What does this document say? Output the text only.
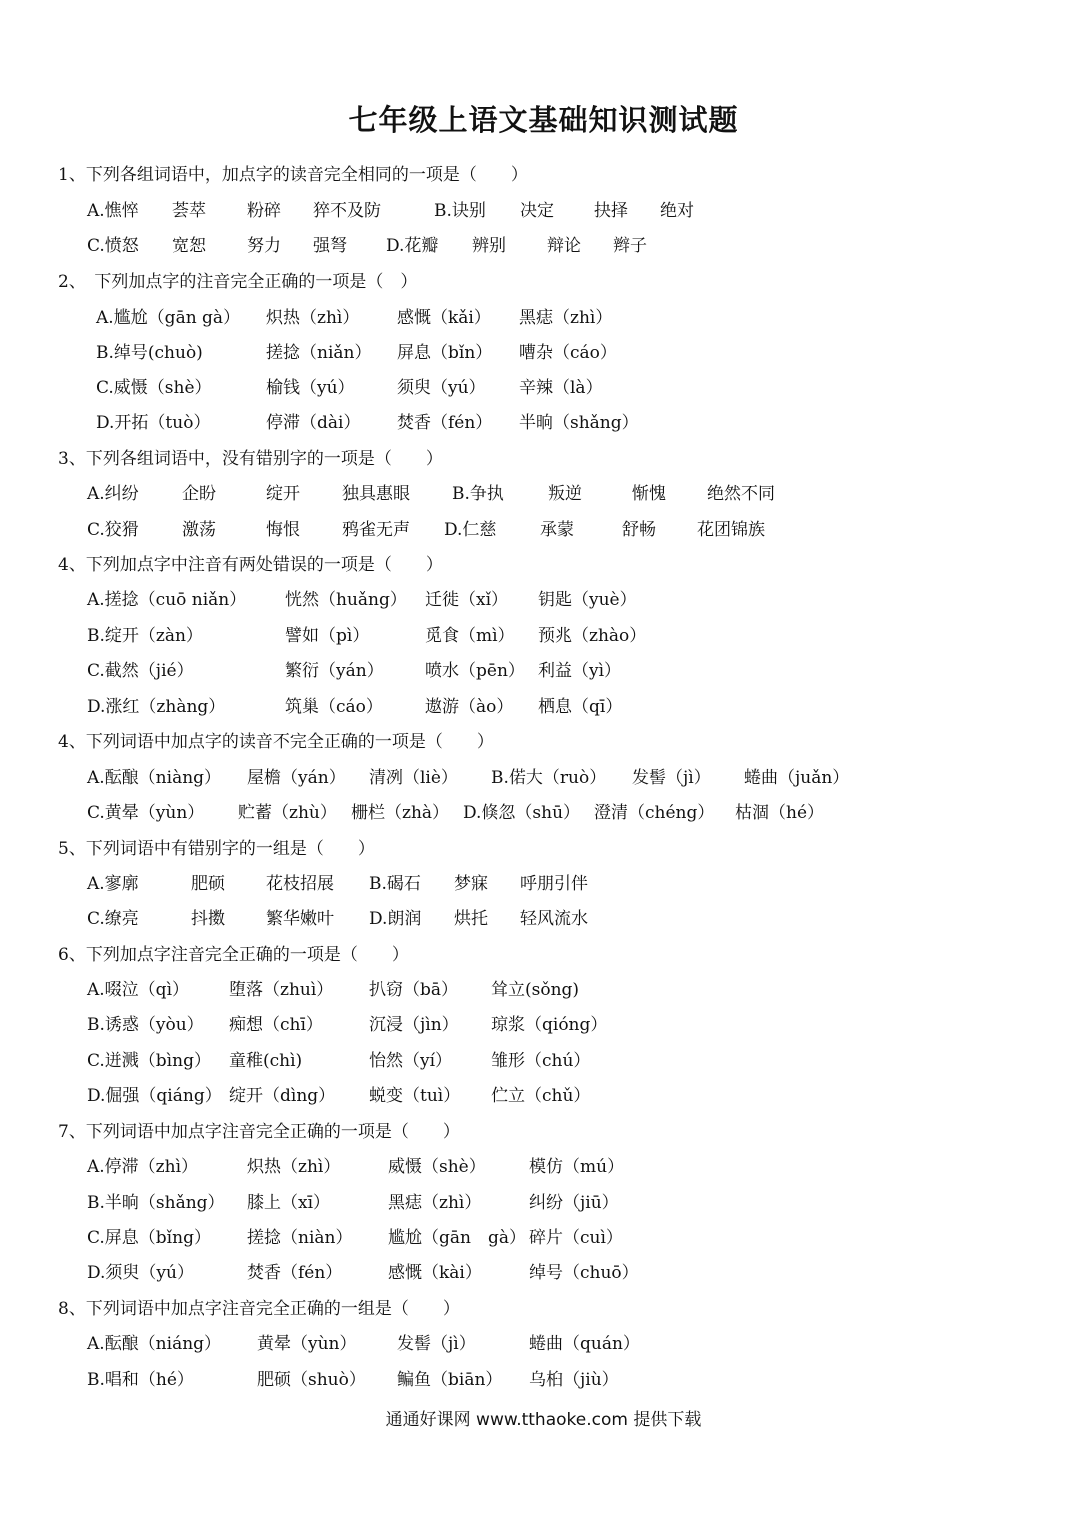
七年级上语文基础知识测试题
1、下列各组词语中，加点字的读音完全相同的一项是（　　）
A.憔悴 荟萃 粉碎 猝不及防	B.诀别 决定 抉择 绝对
C.愤怒 宽恕 努力 强弩 D.花瓣 辨别 辩论 辫子
2、　下列加点字的注音完全正确的一项是（　）
A.尴尬（gān gà） 炽热（zhì） 感慨（kǎi） 黑痣（zhì）
B.绰号(chuò)	搓捻（niǎn） 屏息（bǐn） 嘈杂（cáo）
C.威慑（shè）	榆钱（yú） 须臾（yú） 辛辣（là）
D.开拓（tuò）	停滞（dài） 焚香（fén） 半晌（shǎng）
3、下列各组词语中，没有错别字的一项是（　　）
A.纠纷	企盼	绽开 独具惠眼 B.争执	叛逆	惭愧 绝然不同
C.狡猾	激荡	悔恨 鸦雀无声 D.仁慈	承蒙	舒畅 花团锦族
4、下列加点字中注音有两处错误的一项是（　　）
A.搓捻（cuō niǎn） 恍然（huǎng） 迁徙（xǐ） 钥匙（yuè）
B.绽开（zàn）	譬如（pì）	觅食（mì） 预兆（zhào）
C.截然（jié）	繁衍（yán） 喷水（pēn） 利益（yì）
D.涨红（zhàng）	筑巢（cáo） 遨游（ào） 栖息（qī）
4、下列词语中加点字的读音不完全正确的一项是（　　）
A.酝酿（niàng） 屋檐（yán） 清冽（liè） B.偌大（ruò） 发髻（jì） 蜷曲（juǎn）
C.黄晕（yùn） 贮蓄（zhù） 栅栏（zhà） D.倏忽（shū） 澄清（chéng） 枯涸（hé）
5、下列词语中有错别字的一组是（　　）
A.寥廓	肥硕 花枝招展 B.碣石 梦寐 呼朋引伴
C.缭亮	抖擞 繁华嫩叶 D.朗润 烘托 轻风流水
6、下列加点字注音完全正确的一项是（　　）
A.啜泣（qì） 堕落（zhuì） 扒窃（bā） 耸立(sǒng)
B.诱惑（yòu） 痴想（chī）	沉浸（jìn） 琼浆（qióng）
C.迸溅（bìng） 童稚(chì)	怡然（yí） 雏形（chú）
D.倔强（qiáng） 绽开（dìng） 蜕变（tuì） 伫立（chǔ）
7、下列词语中加点字注音完全正确的一项是（　　）
A.停滞（zhì）	炽热（zhì）	威慑（shè）	模仿（mú）
B.半晌（shǎng） 膝上（xī）	黑痣（zhì）	纠纷（jiū）
C.屏息（bǐng） 搓捻（niàn） 尴尬（gān　gà） 碎片（cuì）
D.须臾（yú）	焚香（fén）	感慨（kài）	绰号（chuō）
8、下列词语中加点字注音完全正确的一组是（　　）
A.酝酿（niáng） 黄晕（yùn） 发髻（jì）	蜷曲（quán）
B.唱和（hé）	肥硕（shuò） 鳊鱼（biān） 乌桕（jiù）
通通好课网 www.tthaoke.com 提供下载
